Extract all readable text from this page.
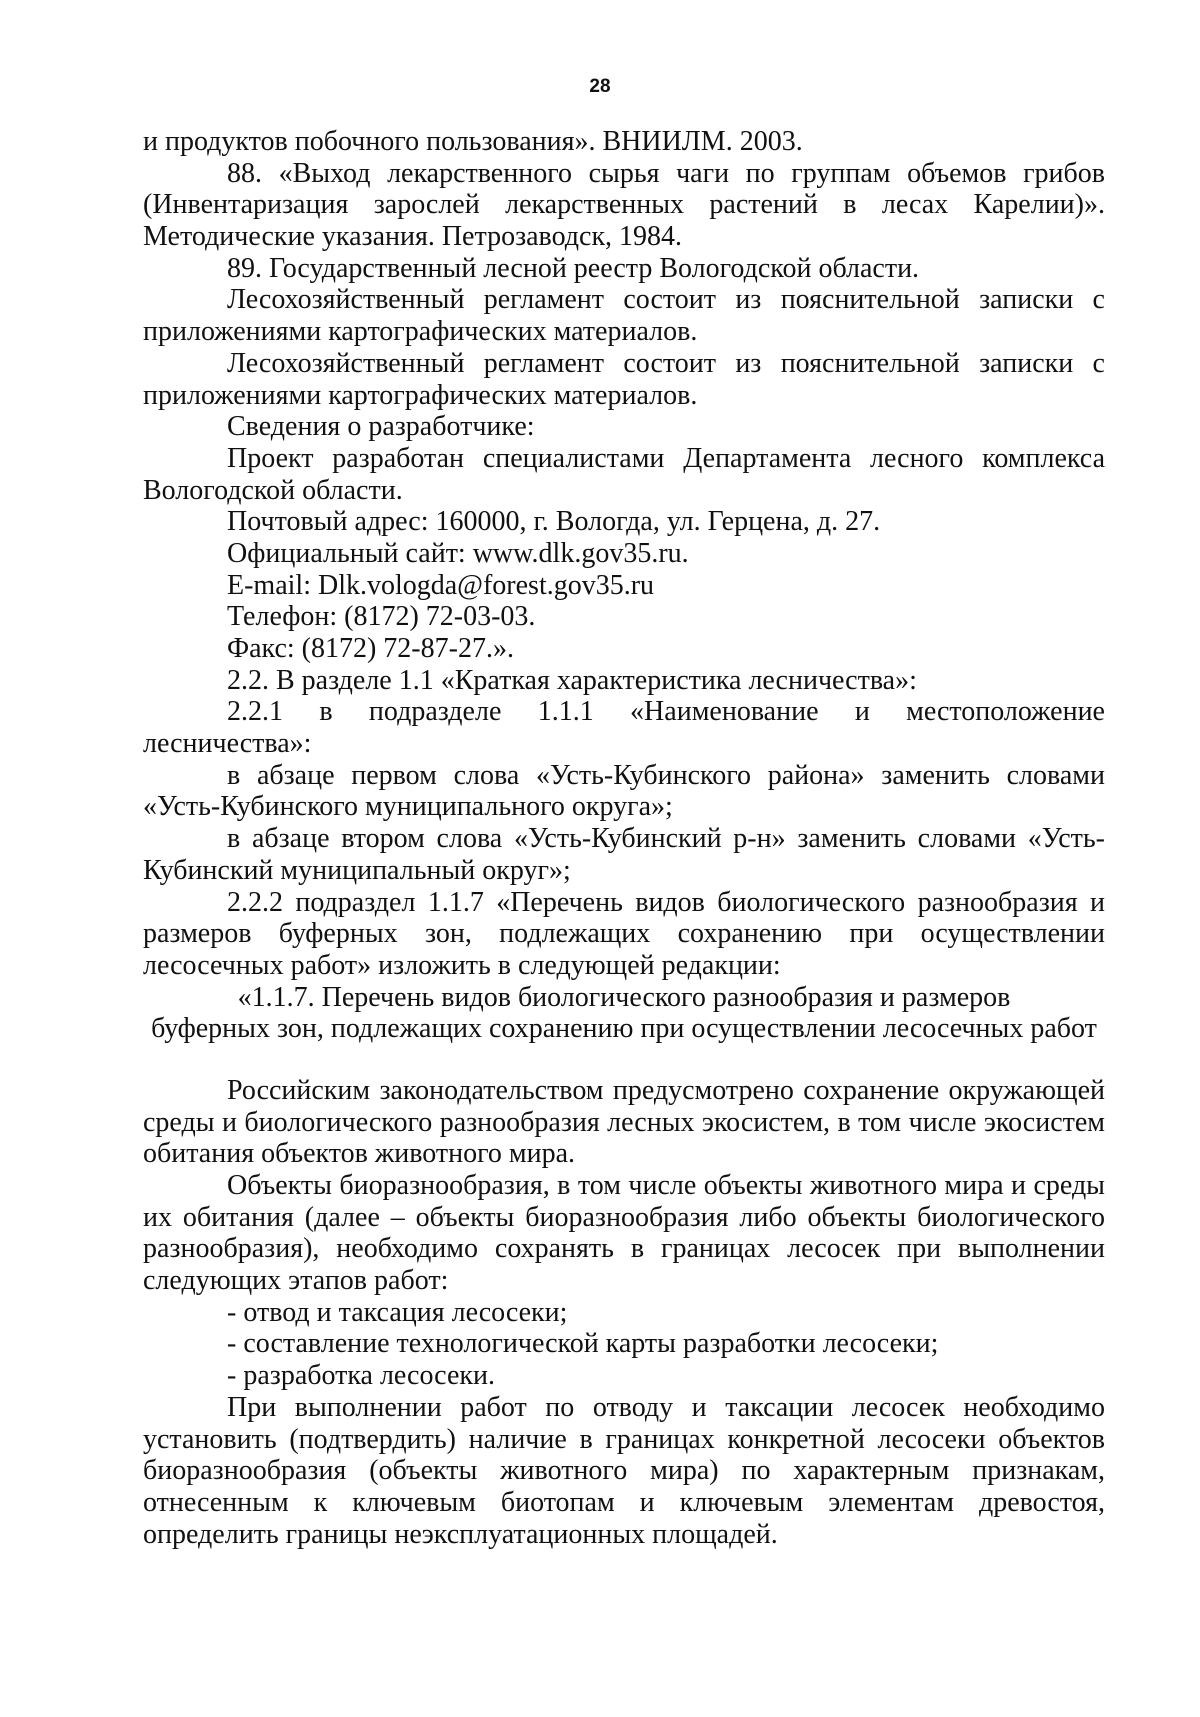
28
и продуктов побочного пользования». ВНИИЛМ. 2003.
88. «Выход лекарственного сырья чаги по группам объемов грибов
(Инвентаризация зарослей лекарственных растений в лесах Карелии)».
Методические указания. Петрозаводск, 1984.
89. Государственный лесной реестр Вологодской области.
Лесохозяйственный регламент состоит из пояснительной записки с
приложениями картографических материалов.
Лесохозяйственный регламент состоит из пояснительной записки с
приложениями картографических материалов.
Сведения о разработчике:
Проект разработан специалистами Департамента лесного комплекса
Вологодской области.
Почтовый адрес: 160000, г. Вологда, ул. Герцена, д. 27.
Официальный сайт: www.dlk.gov35.ru.
E-mail: Dlk.vologda@forest.gov35.ru
Телефон: (8172) 72-03-03.
Факс: (8172) 72-87-27.».
2.2. В разделе 1.1 «Краткая характеристика лесничества»:
2.2.1 в подразделе 1.1.1 «Наименование и местоположение
лесничества»:
в абзаце первом слова «Усть-Кубинского района» заменить словами
«Усть-Кубинского муниципального округа»;
в абзаце втором слова «Усть-Кубинский р-н» заменить словами «Усть-
Кубинский муниципальный округ»;
2.2.2 подраздел 1.1.7 «Перечень видов биологического разнообразия и
размеров буферных зон, подлежащих сохранению при осуществлении
лесосечных работ» изложить в следующей редакции:
«1.1.7. Перечень видов биологического разнообразия и размеров
буферных зон, подлежащих сохранению при осуществлении лесосечных работ
Российским законодательством предусмотрено сохранение окружающей
среды и биологического разнообразия лесных экосистем, в том числе экосистем
обитания объектов животного мира.
Объекты биоразнообразия, в том числе объекты животного мира и среды
их обитания (далее – объекты биоразнообразия либо объекты биологического
разнообразия), необходимо сохранять в границах лесосек при выполнении
следующих этапов работ:
- отвод и таксация лесосеки;
- составление технологической карты разработки лесосеки;
- разработка лесосеки.
При выполнении работ по отводу и таксации лесосек необходимо
установить (подтвердить) наличие в границах конкретной лесосеки объектов
биоразнообразия (объекты животного мира) по характерным признакам,
отнесенным к ключевым биотопам и ключевым элементам древостоя,
определить границы неэксплуатационных площадей.
